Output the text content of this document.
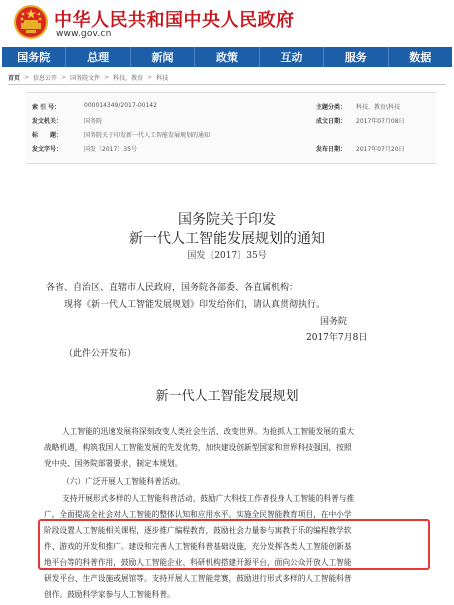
中华人民共和国中央人民政府
www.gov.cn
国务院	总理	新闻	政策	互动	服务	数据
首页 > 信息公开 > 国务院文件 > 科技、教育 > 科技
索 引 号：	000014349/2017-00142	主题分类： 科技、教育\科技
发文机关：	国务院	成文日期： 2017年07月08日
标　　题：	国务院关于印发新一代人工智能发展规划的通知
发文字号：	国发〔2017〕35号	发布日期： 2017年07月20日
国务院关于印发
新一代人工智能发展规划的通知
国发〔2017〕35号
各省、自治区、直辖市人民政府，国务院各部委、各直属机构：
现将《新一代人工智能发展规划》印发给你们，请认真贯彻执行。
国务院
2017年7月8日
（此件公开发布）
新一代人工智能发展规划
人工智能的迅速发展将深刻改变人类社会生活、改变世界。为抢抓人工智能发展的重大
战略机遇，构筑我国人工智能发展的先发优势，加快建设创新型国家和世界科技强国，按照
党中央、国务院部署要求，制定本规划。
（六）广泛开展人工智能科普活动。
支持开展形式多样的人工智能科普活动，鼓励广大科技工作者投身人工智能的科普与推
广，全面提高全社会对人工智能的整体认知和应用水平。实施全民智能教育项目，在中小学
阶段设置人工智能相关课程，逐步推广编程教育，鼓励社会力量参与寓教于乐的编程教学软
件、游戏的开发和推广。建设和完善人工智能科普基础设施，充分发挥各类人工智能创新基
地平台等的科普作用，鼓励人工智能企业、科研机构搭建开源平台，面向公众开放人工智能
研发平台、生产设施或展馆等。支持开展人工智能竞赛，鼓励进行形式多样的人工智能科普
创作。鼓励科学家参与人工智能科普。
